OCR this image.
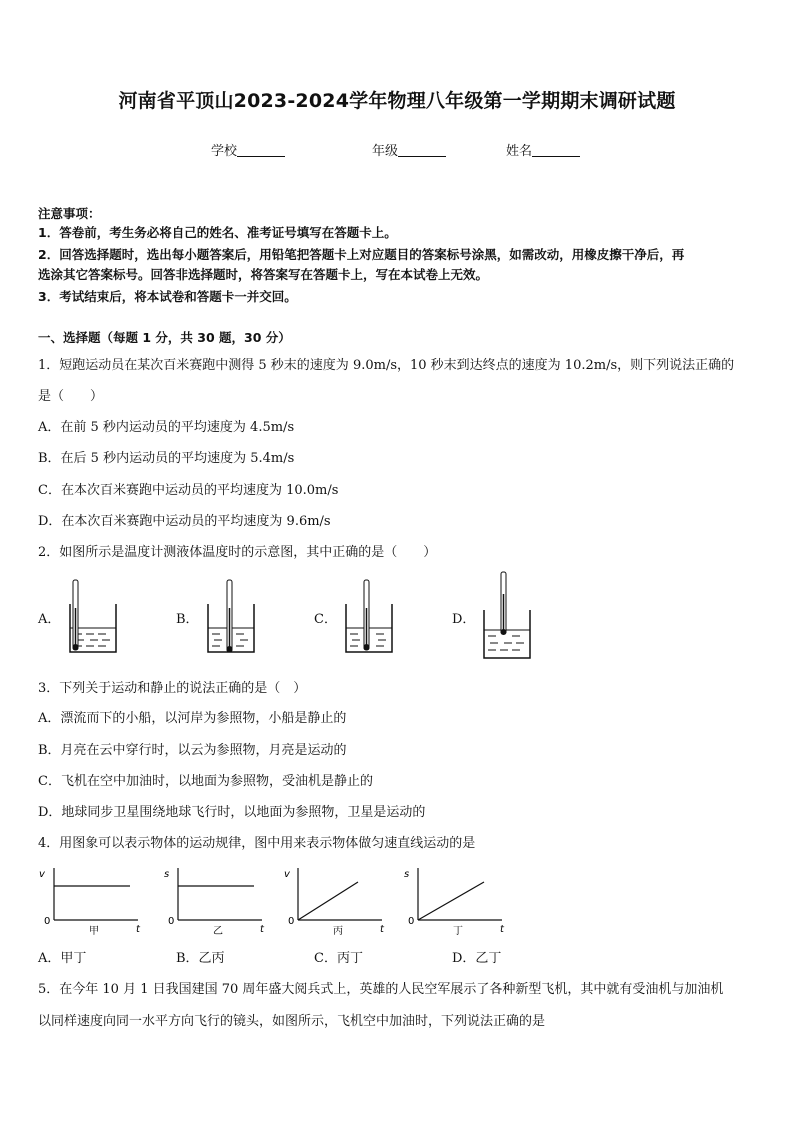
河南省平顶山2023-2024学年物理八年级第一学期期末调研试题
学校	年级	姓名
注意事项：
1．答卷前，考生务必将自己的姓名、准考证号填写在答题卡上。
2．回答选择题时，选出每小题答案后，用铅笔把答题卡上对应题目的答案标号涂黑，如需改动，用橡皮擦干净后，再
选涂其它答案标号。回答非选择题时，将答案写在答题卡上，写在本试卷上无效。
3．考试结束后，将本试卷和答题卡一并交回。
一、选择题（每题 1 分，共 30 题，30 分）
1．短跑运动员在某次百米赛跑中测得 5 秒末的速度为 9.0m/s，10 秒末到达终点的速度为 10.2m/s，则下列说法正确的
是（　　）
A．在前 5 秒内运动员的平均速度为 4.5m/s
B．在后 5 秒内运动员的平均速度为 5.4m/s
C．在本次百米赛跑中运动员的平均速度为 10.0m/s
D．在本次百米赛跑中运动员的平均速度为 9.6m/s
2．如图所示是温度计测液体温度时的示意图，其中正确的是（　　）
A．	B．	C．	D．
3．下列关于运动和静止的说法正确的是（　）
A．漂流而下的小船，以河岸为参照物，小船是静止的
B．月亮在云中穿行时，以云为参照物，月亮是运动的
C．飞机在空中加油时，以地面为参照物，受油机是静止的
D．地球同步卫星围绕地球飞行时，以地面为参照物，卫星是运动的
4．用图象可以表示物体的运动规律，图中用来表示物体做匀速直线运动的是
v
t
0
甲
s
t
0
乙
v
t
0
丙
s
t
0
丁
A．甲丁	B．乙丙	C．丙丁	D．乙丁
5．在今年 10 月 1 日我国建国 70 周年盛大阅兵式上，英雄的人民空军展示了各种新型飞机，其中就有受油机与加油机
以同样速度向同一水平方向飞行的镜头，如图所示，飞机空中加油时，下列说法正确的是
